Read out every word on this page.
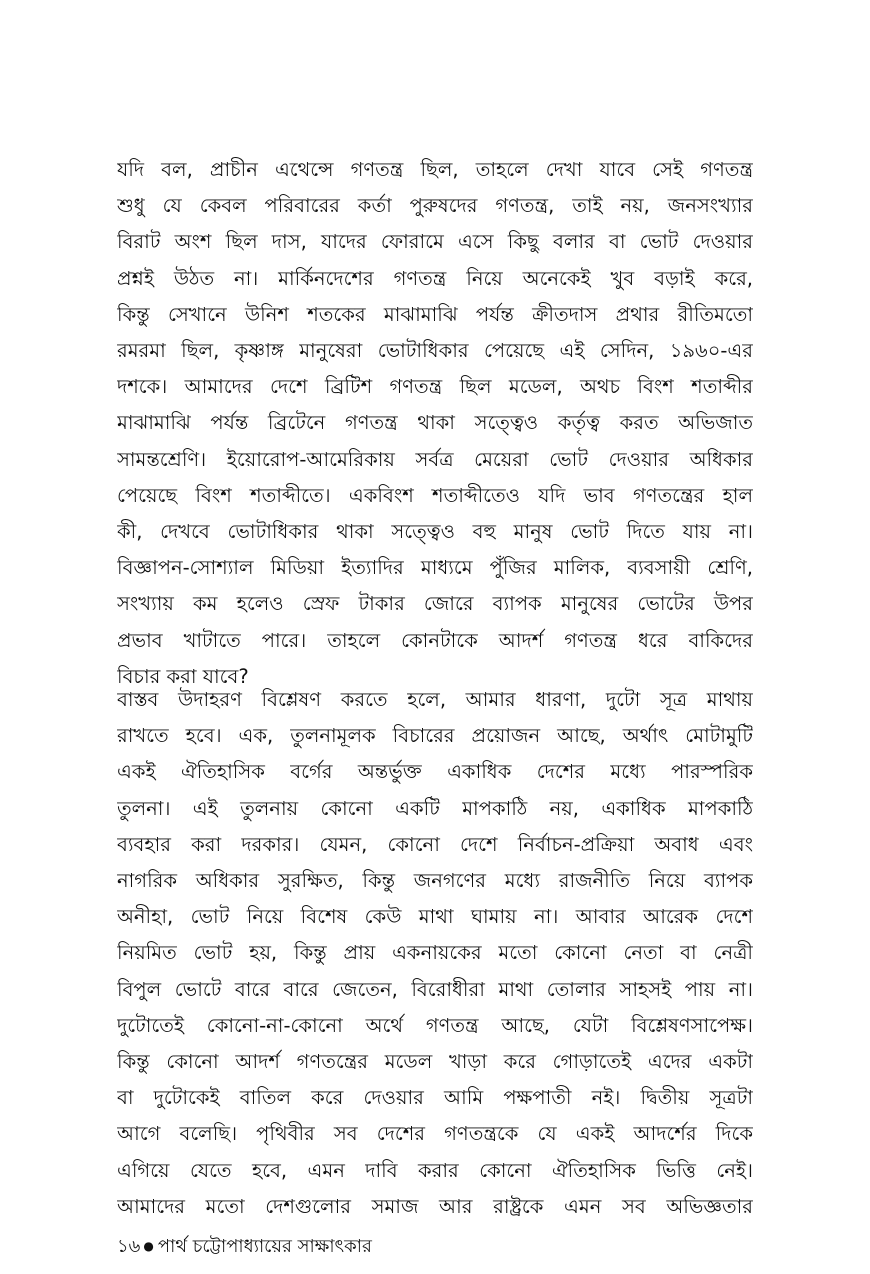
যদি বল, প্রাচীন এথেন্সে গণতন্ত্র ছিল, তাহলে দেখা যাবে সেই গণতন্ত্র
শুধু যে কেবল পরিবারের কর্তা পুরুষদের গণতন্ত্র, তাই নয়, জনসংখ্যার
বিরাট অংশ ছিল দাস, যাদের ফোরামে এসে কিছু বলার বা ভোট দেওয়ার
প্রশ্নই উঠত না। মার্কিনদেশের গণতন্ত্র নিয়ে অনেকেই খুব বড়াই করে,
কিন্তু সেখানে উনিশ শতকের মাঝামাঝি পর্যন্ত ক্রীতদাস প্রথার রীতিমতো
রমরমা ছিল, কৃষ্ণাঙ্গ মানুষেরা ভোটাধিকার পেয়েছে এই সেদিন, ১৯৬০-এর
দশকে। আমাদের দেশে ব্রিটিশ গণতন্ত্র ছিল মডেল, অথচ বিংশ শতাব্দীর
মাঝামাঝি পর্যন্ত ব্রিটেনে গণতন্ত্র থাকা সত্ত্বেও কর্তৃত্ব করত অভিজাত
সামন্তশ্রেণি। ইয়োরোপ-আমেরিকায় সর্বত্র মেয়েরা ভোট দেওয়ার অধিকার
পেয়েছে বিংশ শতাব্দীতে। একবিংশ শতাব্দীতেও যদি ভাব গণতন্ত্রের হাল
কী, দেখবে ভোটাধিকার থাকা সত্ত্বেও বহু মানুষ ভোট দিতে যায় না।
বিজ্ঞাপন-সোশ্যাল মিডিয়া ইত্যাদির মাধ্যমে পুঁজির মালিক, ব্যবসায়ী শ্রেণি,
সংখ্যায় কম হলেও স্রেফ টাকার জোরে ব্যাপক মানুষের ভোটের উপর
প্রভাব খাটাতে পারে। তাহলে কোনটাকে আদর্শ গণতন্ত্র ধরে বাকিদের
বিচার করা যাবে?
বাস্তব উদাহরণ বিশ্লেষণ করতে হলে, আমার ধারণা, দুটো সূত্র মাথায়
রাখতে হবে। এক, তুলনামূলক বিচারের প্রয়োজন আছে, অর্থাৎ মোটামুটি
একই ঐতিহাসিক বর্গের অন্তর্ভুক্ত একাধিক দেশের মধ্যে পারস্পরিক
তুলনা। এই তুলনায় কোনো একটি মাপকাঠি নয়, একাধিক মাপকাঠি
ব্যবহার করা দরকার। যেমন, কোনো দেশে নির্বাচন-প্রক্রিয়া অবাধ এবং
নাগরিক অধিকার সুরক্ষিত, কিন্তু জনগণের মধ্যে রাজনীতি নিয়ে ব্যাপক
অনীহা, ভোট নিয়ে বিশেষ কেউ মাথা ঘামায় না। আবার আরেক দেশে
নিয়মিত ভোট হয়, কিন্তু প্রায় একনায়কের মতো কোনো নেতা বা নেত্রী
বিপুল ভোটে বারে বারে জেতেন, বিরোধীরা মাথা তোলার সাহসই পায় না।
দুটোতেই কোনো-না-কোনো অর্থে গণতন্ত্র আছে, যেটা বিশ্লেষণসাপেক্ষ।
কিন্তু কোনো আদর্শ গণতন্ত্রের মডেল খাড়া করে গোড়াতেই এদের একটা
বা দুটোকেই বাতিল করে দেওয়ার আমি পক্ষপাতী নই। দ্বিতীয় সূত্রটা
আগে বলেছি। পৃথিবীর সব দেশের গণতন্ত্রকে যে একই আদর্শের দিকে
এগিয়ে যেতে হবে, এমন দাবি করার কোনো ঐতিহাসিক ভিত্তি নেই।
আমাদের মতো দেশগুলোর সমাজ আর রাষ্ট্রকে এমন সব অভিজ্ঞতার
১৬ ● পার্থ চট্টোপাধ্যায়ের সাক্ষাৎকার
